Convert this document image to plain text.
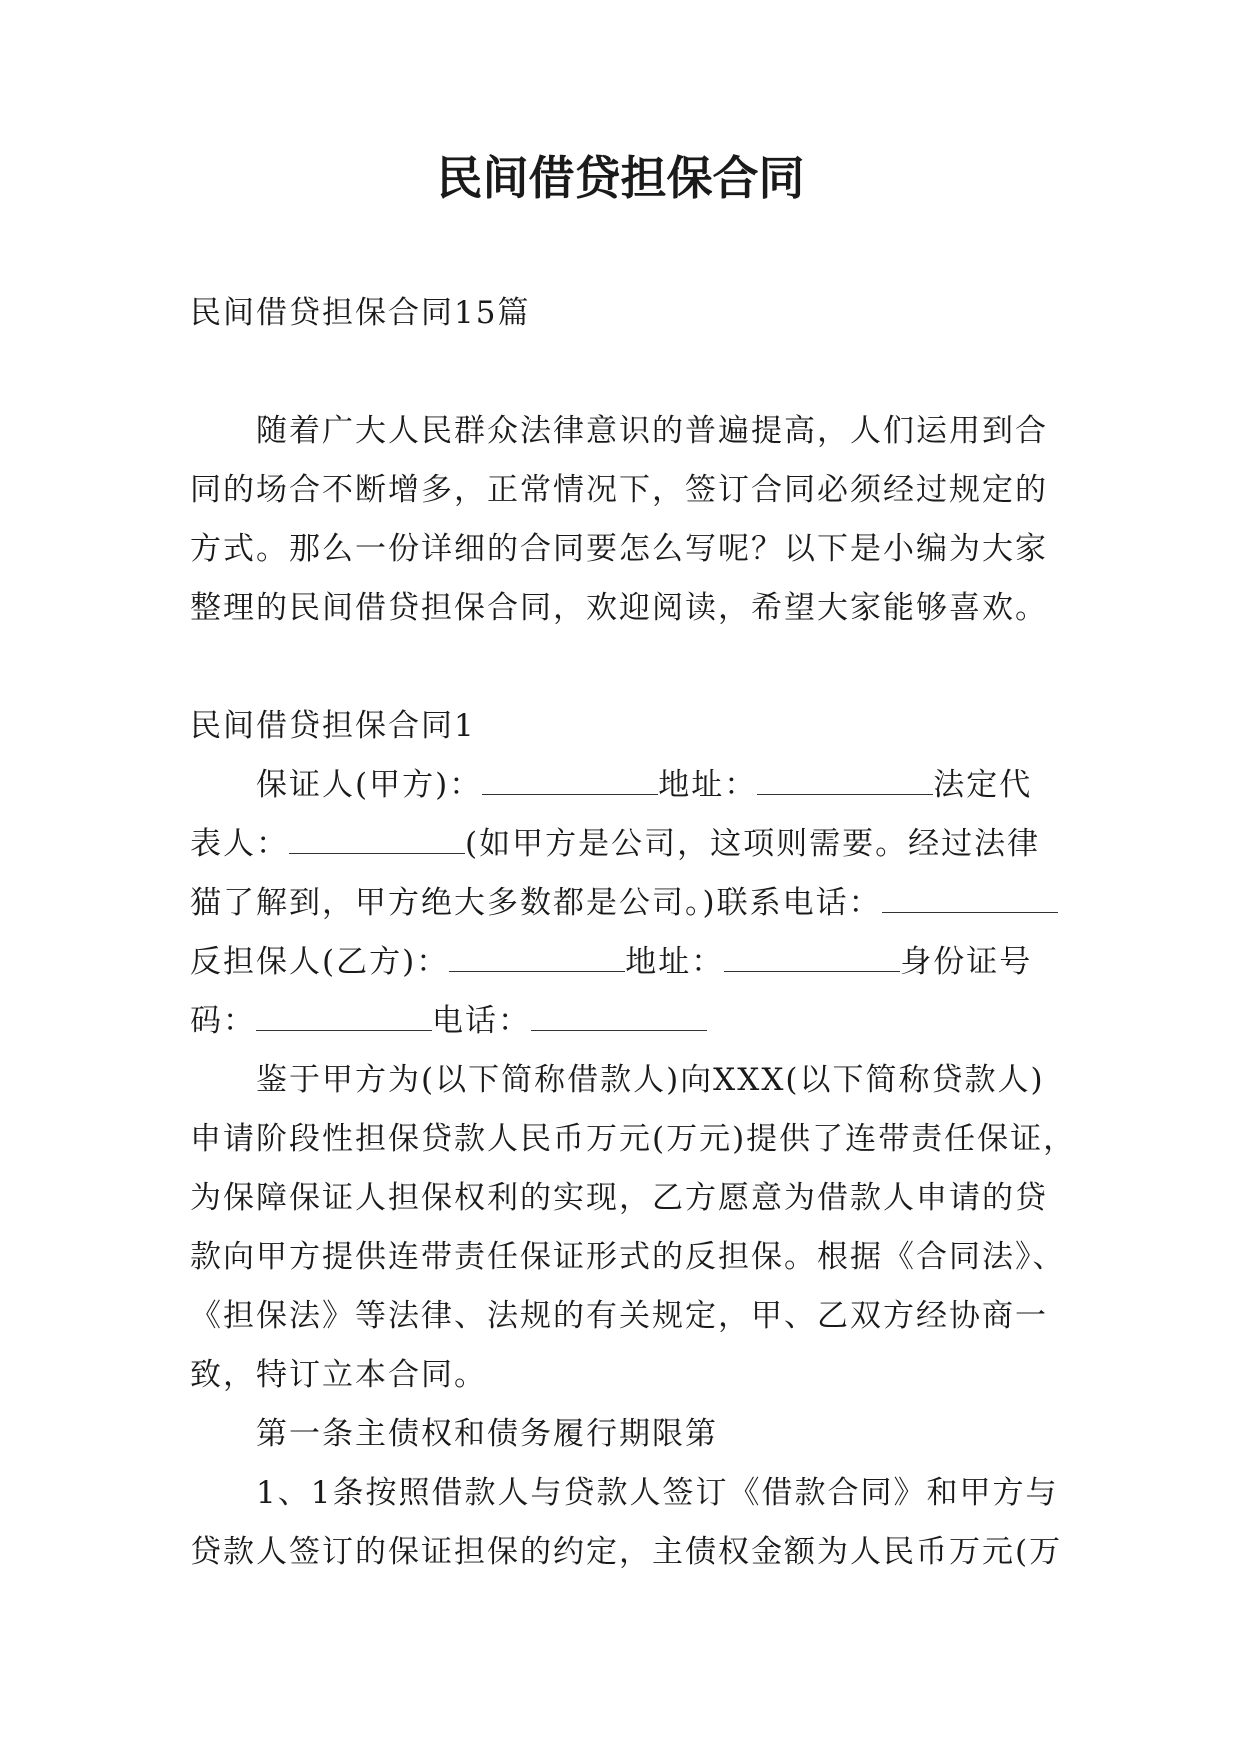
民间借贷担保合同

民间借贷担保合同15篇

随着广大人民群众法律意识的普遍提高，人们运用到合
同的场合不断增多，正常情况下，签订合同必须经过规定的
方式。那么一份详细的合同要怎么写呢？以下是小编为大家
整理的民间借贷担保合同，欢迎阅读，希望大家能够喜欢。

民间借贷担保合同1

保证人(甲方)：	地址：	法定代
表人：	(如甲方是公司，这项则需要。经过法律
猫了解到，甲方绝大多数都是公司。)联系电话：
反担保人(乙方)：	地址：	身份证号
码：	电话：

鉴于甲方为(以下简称借款人)向XXX(以下简称贷款人)
申请阶段性担保贷款人民币万元(万元)提供了连带责任保证，
为保障保证人担保权利的实现，乙方愿意为借款人申请的贷
款向甲方提供连带责任保证形式的反担保。根据《合同法》、
《担保法》等法律、法规的有关规定，甲、乙双方经协商一
致，特订立本合同。

第一条主债权和债务履行期限第

1、1条按照借款人与贷款人签订《借款合同》和甲方与
贷款人签订的保证担保的约定，主债权金额为人民币万元(万
